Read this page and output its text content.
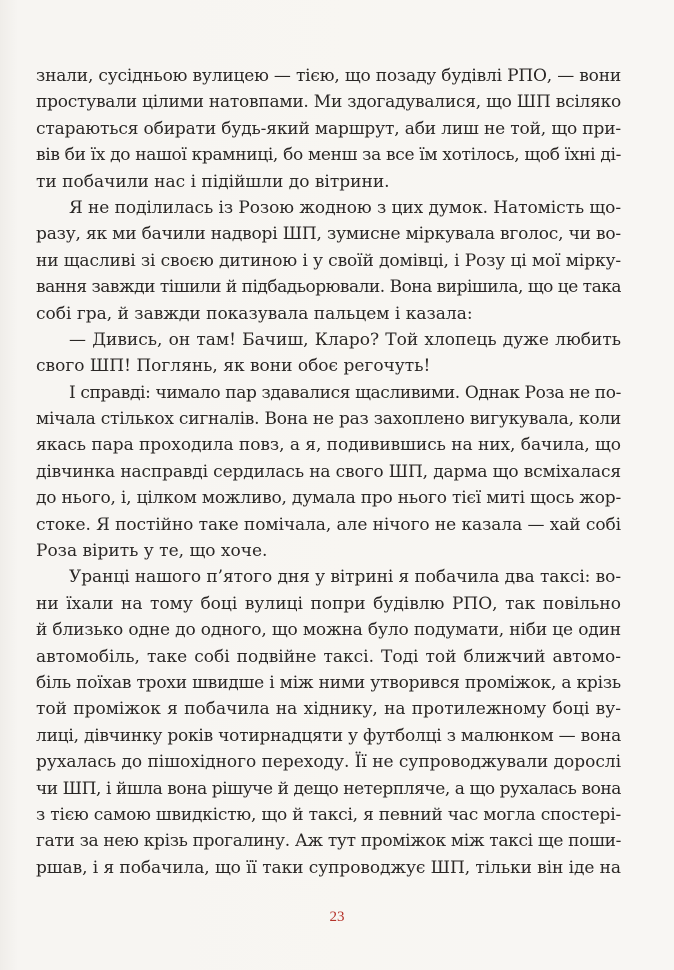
знали, сусідньою вулицею — тією, що позаду будівлі РПО, — вони
простували цілими натовпами. Ми здогадувалися, що ШП всіляко
стараються обирати будь-який маршрут, аби лиш не той, що при-
вів би їх до нашої крамниці, бо менш за все їм хотілось, щоб їхні ді-
ти побачили нас і підійшли до вітрини.
Я не поділилась із Розою жодною з цих думок. Натомість що-
разу, як ми бачили надворі ШП, зумисне міркувала вголос, чи во-
ни щасливі зі своєю дитиною і у своїй домівці, і Розу ці мої мірку-
вання завжди тішили й підбадьорювали. Вона вирішила, що це така
собі гра, й завжди показувала пальцем і казала:
— Дивись, он там! Бачиш, Кларо? Той хлопець дуже любить
свого ШП! Поглянь, як вони обоє регочуть!
І справді: чимало пар здавалися щасливими. Однак Роза не по-
мічала стількох сигналів. Вона не раз захоплено вигукувала, коли
якась пара проходила повз, а я, подивившись на них, бачила, що
дівчинка насправді сердилась на свого ШП, дарма що всміхалася
до нього, і, цілком можливо, думала про нього тієї миті щось жор-
стоке. Я постійно таке помічала, але нічого не казала — хай собі
Роза вірить у те, що хоче.
Уранці нашого п’ятого дня у вітрині я побачила два таксі: во-
ни їхали на тому боці вулиці попри будівлю РПО, так повільно
й близько одне до одного, що можна було подумати, ніби це один
автомобіль, таке собі подвійне таксі. Тоді той ближчий автомо-
біль поїхав трохи швидше і між ними утворився проміжок, а крізь
той проміжок я побачила на хіднику, на протилежному боці ву-
лиці, дівчинку років чотирнадцяти у футболці з малюнком — вона
рухалась до пішохідного переходу. Її не супроводжували дорослі
чи ШП, і йшла вона рішуче й дещо нетерпляче, а що рухалась вона
з тією самою швидкістю, що й таксі, я певний час могла спостері-
гати за нею крізь прогалину. Аж тут проміжок між таксі ще поши-
ршав, і я побачила, що її таки супроводжує ШП, тільки він іде на
23
